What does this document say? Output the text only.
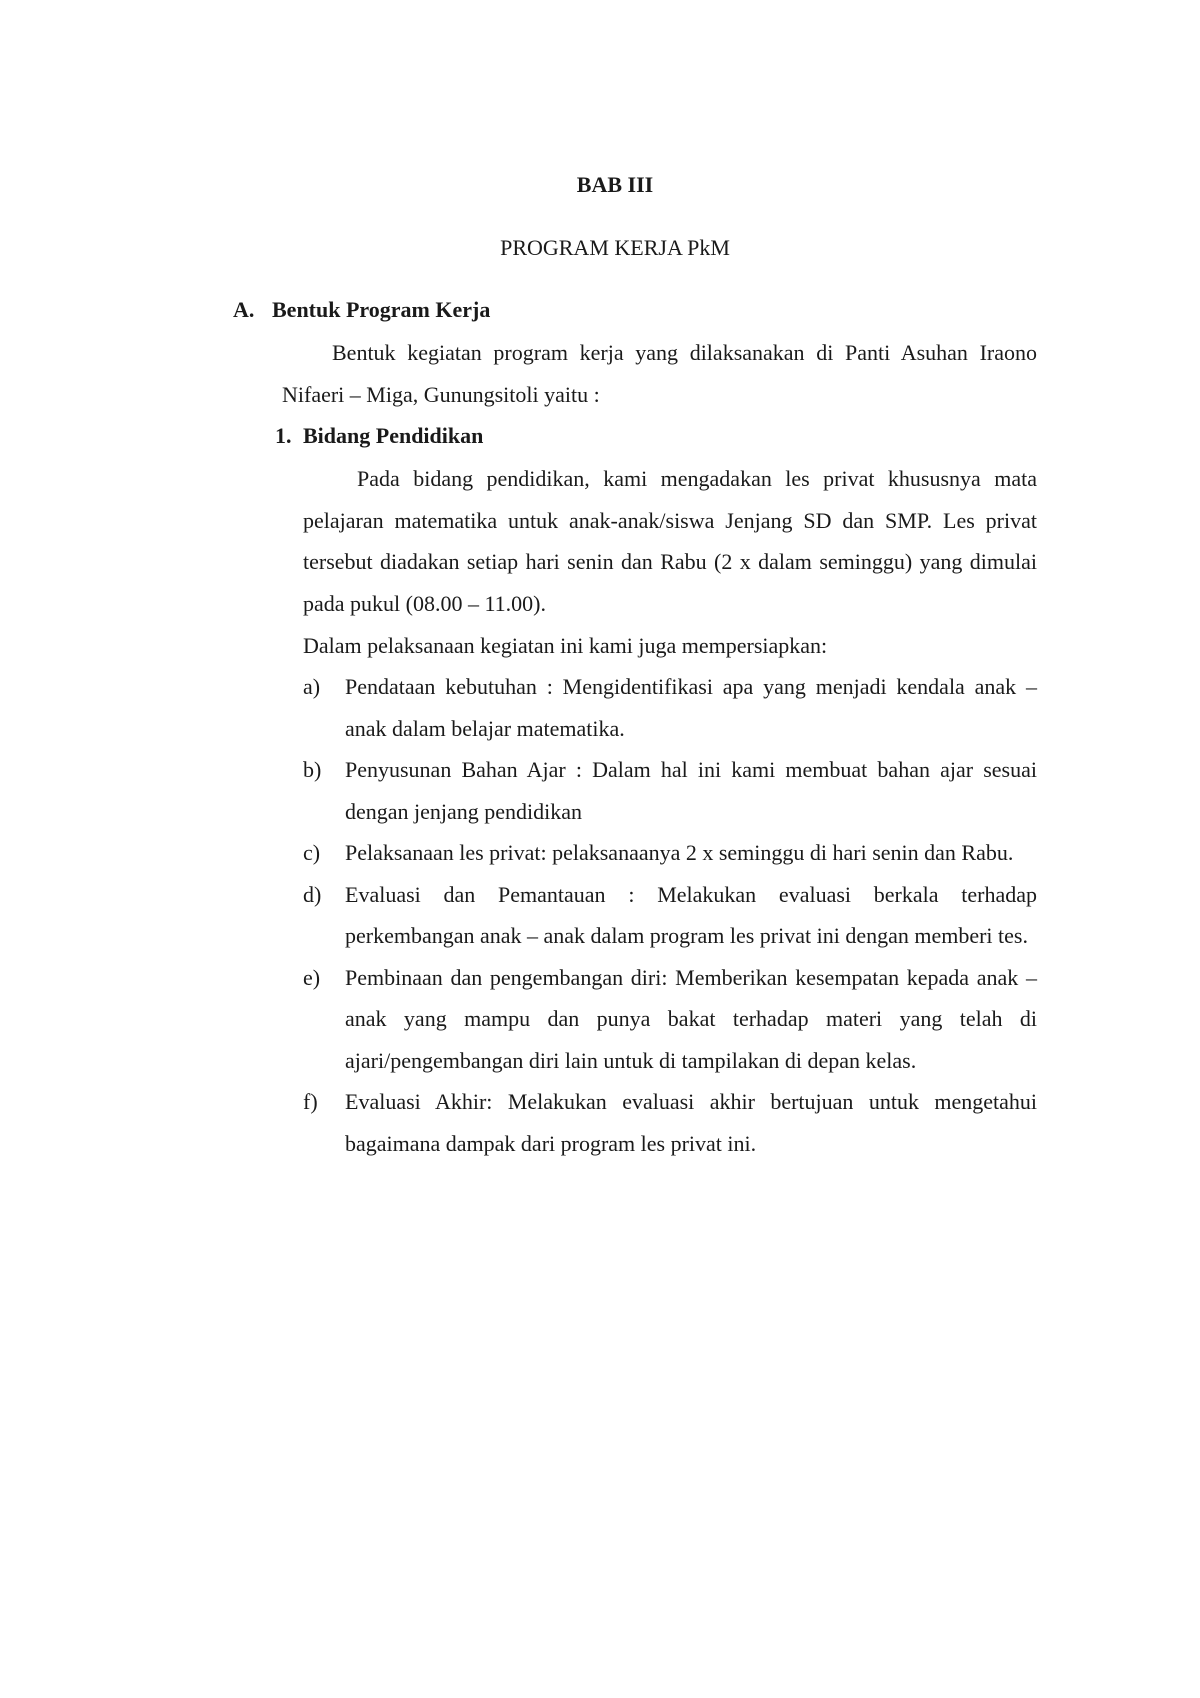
BAB III
PROGRAM KERJA PkM
A. Bentuk Program Kerja
Bentuk kegiatan program kerja yang dilaksanakan di Panti Asuhan Iraono Nifaeri – Miga, Gunungsitoli yaitu :
1. Bidang Pendidikan
Pada bidang pendidikan, kami mengadakan les privat khususnya mata pelajaran matematika untuk anak-anak/siswa Jenjang SD dan SMP. Les privat tersebut diadakan setiap hari senin dan Rabu (2 x dalam seminggu) yang dimulai pada pukul (08.00 – 11.00).
Dalam pelaksanaan kegiatan ini kami juga mempersiapkan:
a)	Pendataan kebutuhan : Mengidentifikasi apa yang menjadi kendala anak – anak dalam belajar matematika.
b)	Penyusunan Bahan Ajar : Dalam hal ini kami membuat bahan ajar sesuai dengan jenjang pendidikan
c)	Pelaksanaan les privat: pelaksanaanya 2 x seminggu di hari senin dan Rabu.
d)	Evaluasi dan Pemantauan : Melakukan evaluasi berkala terhadap perkembangan anak – anak dalam program les privat ini dengan memberi tes.
e)	Pembinaan dan pengembangan diri: Memberikan kesempatan kepada anak – anak yang mampu dan punya bakat terhadap materi yang telah di ajari/pengembangan diri lain untuk di tampilakan di depan kelas.
f)	Evaluasi Akhir: Melakukan evaluasi akhir bertujuan untuk mengetahui bagaimana dampak dari program les privat ini.
